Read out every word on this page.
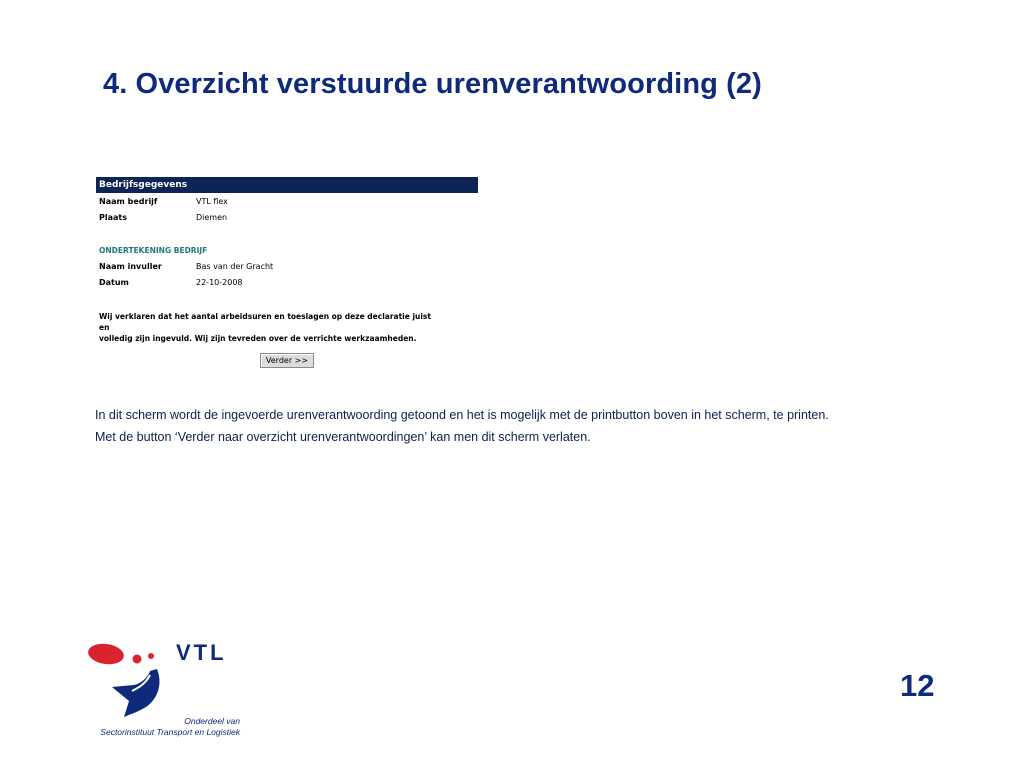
4. Overzicht verstuurde urenverantwoording (2)
Bedrijfsgegevens
Naam bedrijf	VTL flex
Plaats	Diemen
ONDERTEKENING BEDRIJF
Naam invuller	Bas van der Gracht
Datum	22-10-2008
Wij verklaren dat het aantal arbeidsuren en toeslagen op deze declaratie juist en
volledig zijn ingevuld. Wij zijn tevreden over de verrichte werkzaamheden.
Verder >>
In dit scherm wordt de ingevoerde urenverantwoording getoond en het is mogelijk met de printbutton boven in het scherm, te printen.
Met de button ‘Verder naar overzicht urenverantwoordingen’ kan men dit scherm verlaten.
VTL
Onderdeel van
Sectorinstituut Transport en Logistiek
12
